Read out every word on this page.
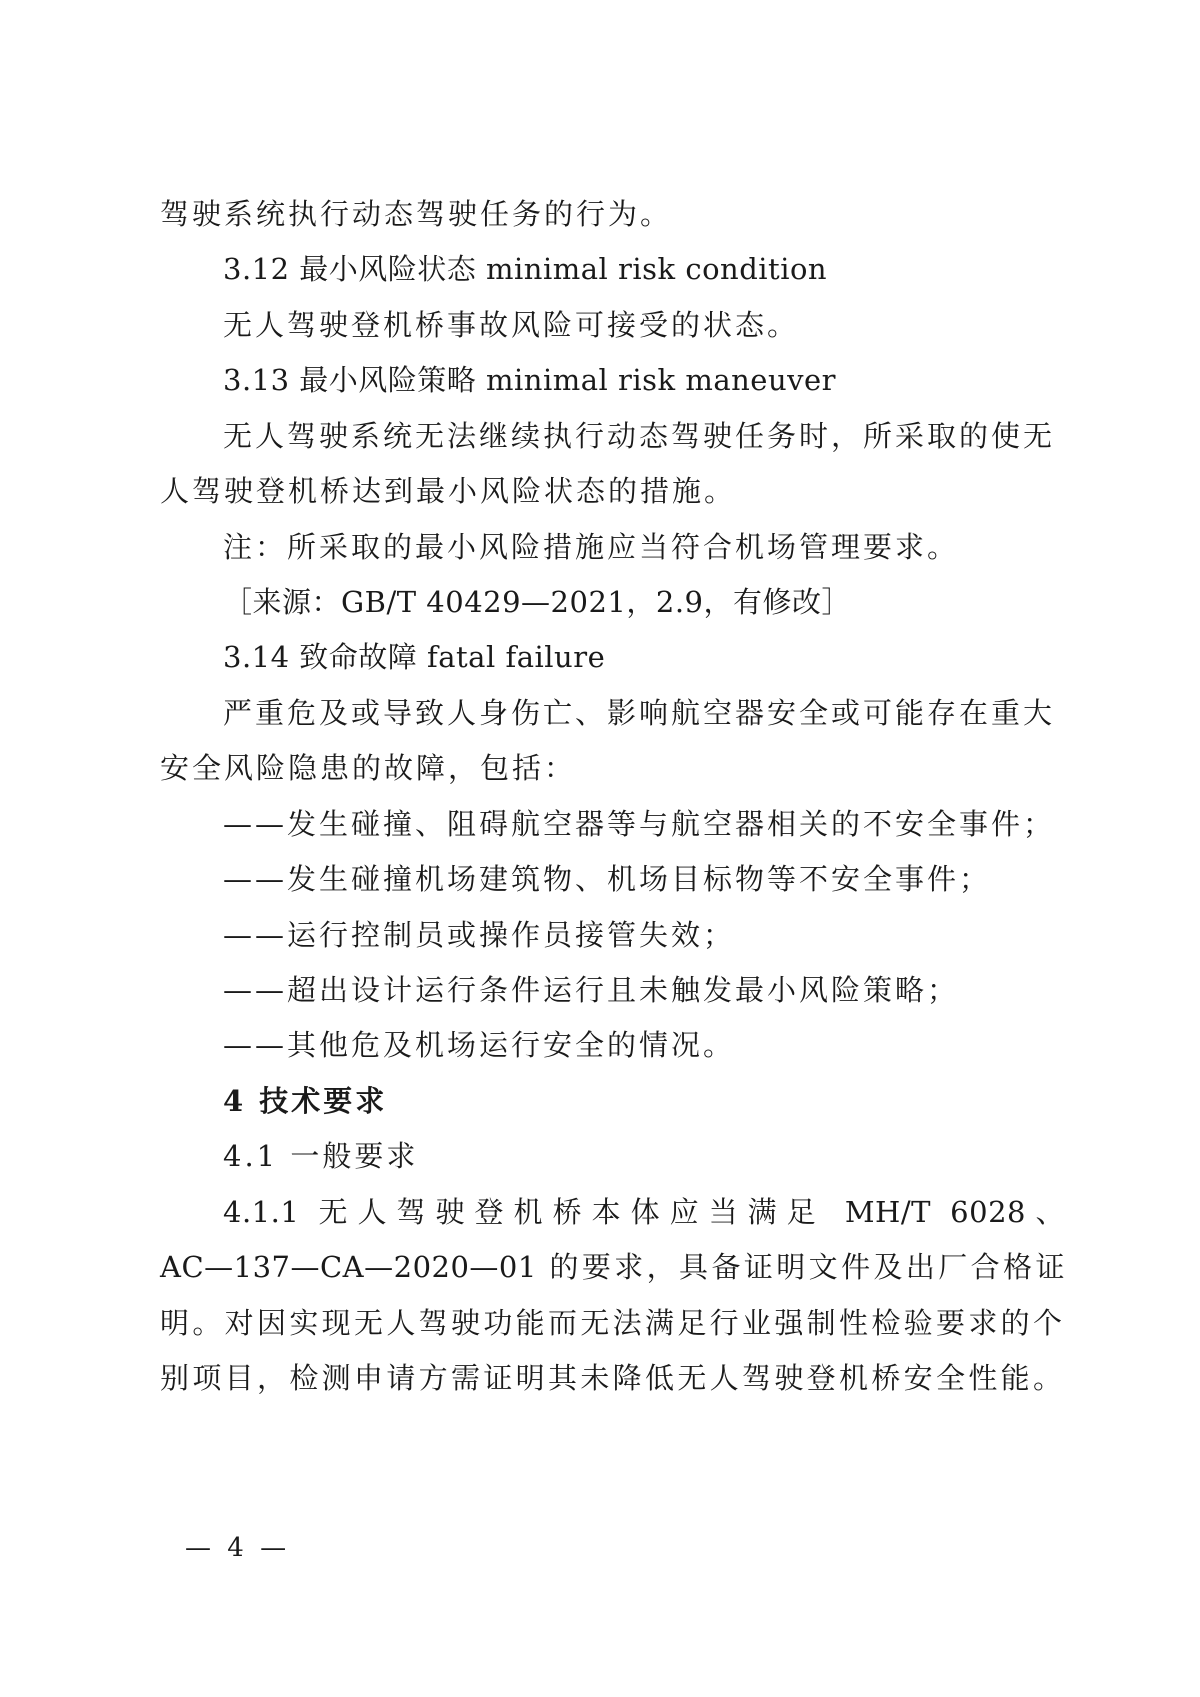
驾驶系统执行动态驾驶任务的行为。
3.12 最小风险状态 minimal risk condition
无人驾驶登机桥事故风险可接受的状态。
3.13 最小风险策略 minimal risk maneuver
无人驾驶系统无法继续执行动态驾驶任务时，所采取的使无
人驾驶登机桥达到最小风险状态的措施。
注：所采取的最小风险措施应当符合机场管理要求。
［来源：GB/T 40429—2021，2.9，有修改］
3.14 致命故障 fatal failure
严重危及或导致人身伤亡、影响航空器安全或可能存在重大
安全风险隐患的故障，包括：
——发生碰撞、阻碍航空器等与航空器相关的不安全事件；
——发生碰撞机场建筑物、机场目标物等不安全事件；
——运行控制员或操作员接管失效；
——超出设计运行条件运行且未触发最小风险策略；
——其他危及机场运行安全的情况。
4 技术要求
4.1 一般要求
4.1.1 无人驾驶登机桥本体应当满足 MH/T 6028、
AC—137—CA—2020—01 的要求，具备证明文件及出厂合格证
明。对因实现无人驾驶功能而无法满足行业强制性检验要求的个
别项目，检测申请方需证明其未降低无人驾驶登机桥安全性能。
— 4 —
